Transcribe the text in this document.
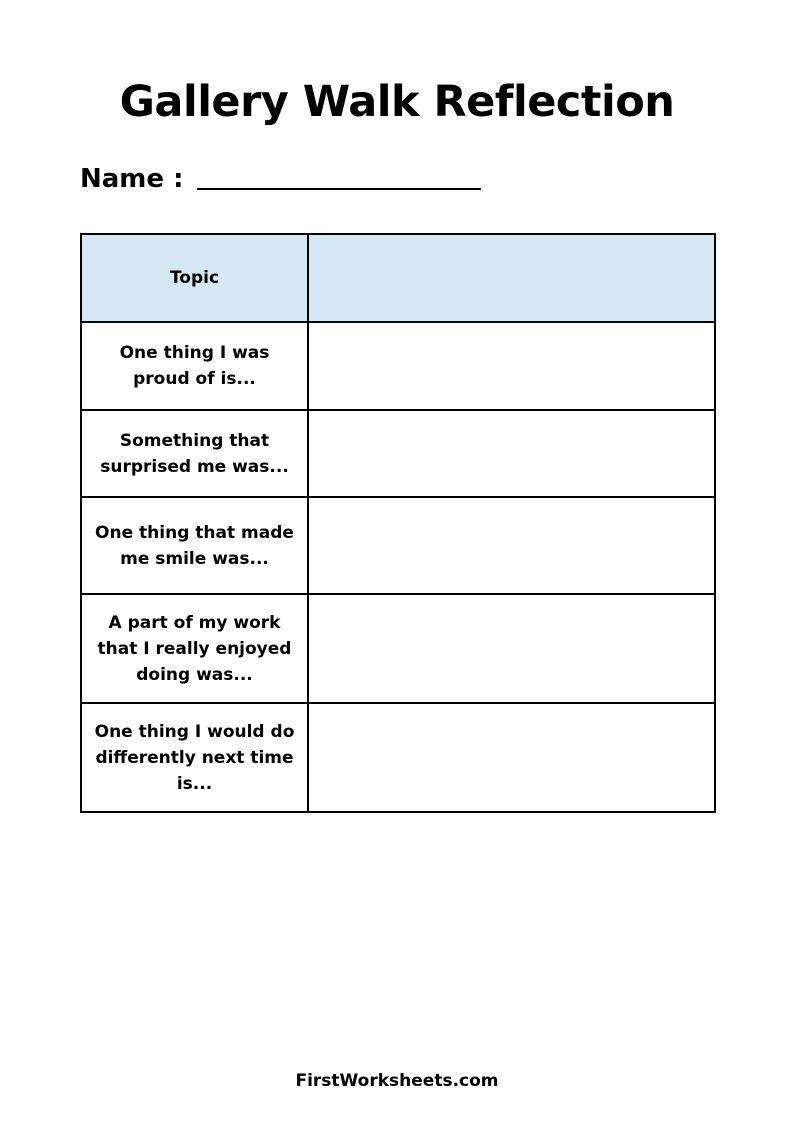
Gallery Walk Reflection
Name :
Topic	
One thing I was proud of is...	
Something that surprised me was...	
One thing that made me smile was...	
A part of my work that I really enjoyed doing was...	
One thing I would do differently next time is...	
FirstWorksheets.com
